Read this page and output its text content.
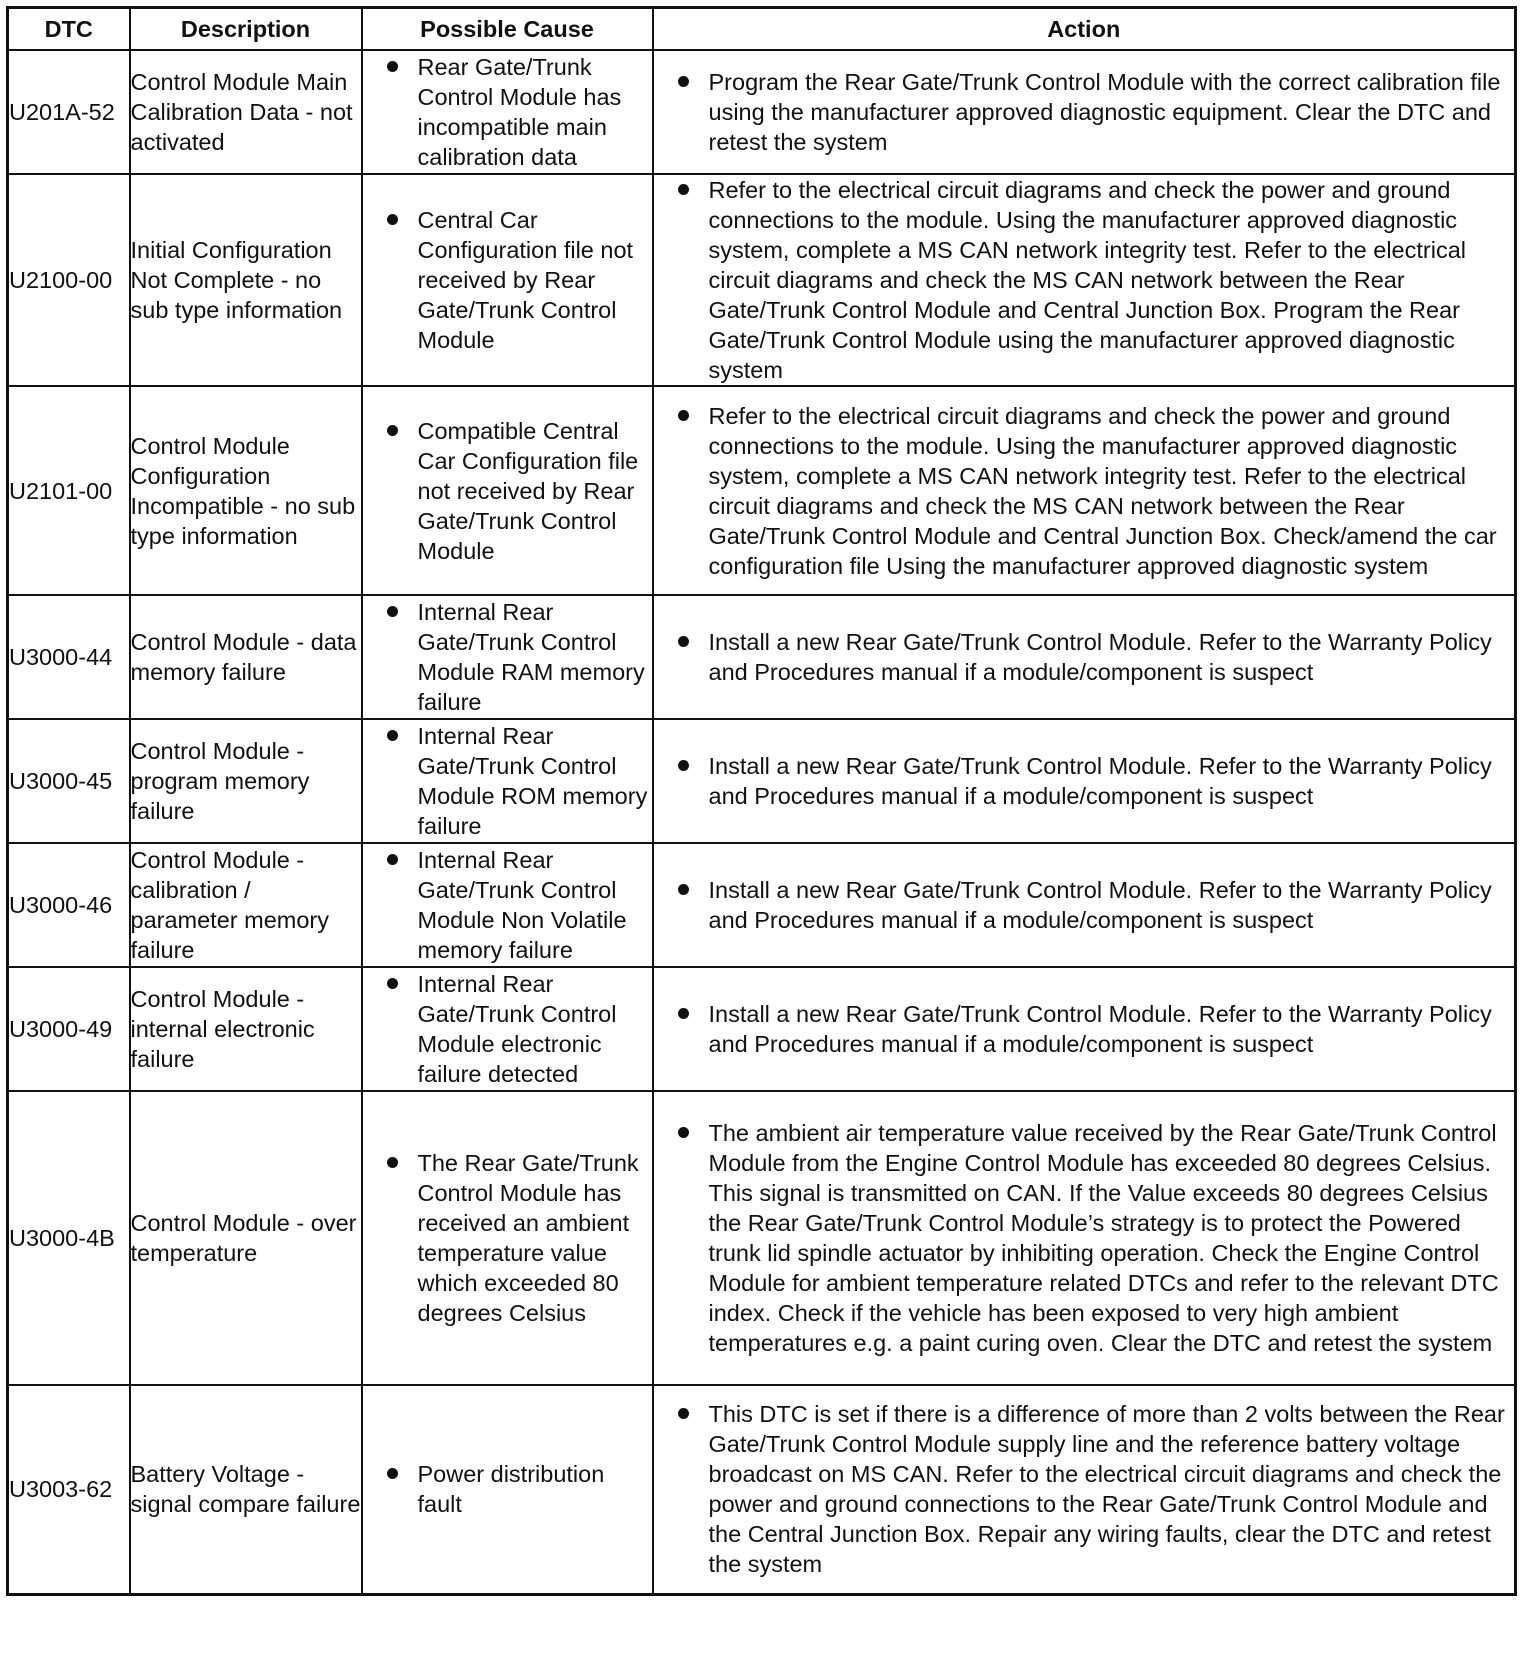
DTC	Description	Possible Cause	Action
U201A-52	Control Module Main Calibration Data - not activated	Rear Gate/Trunk Control Module has incompatible main calibration data	Program the Rear Gate/Trunk Control Module with the correct calibration file using the manufacturer approved diagnostic equipment. Clear the DTC and retest the system

U2100-00	Initial Configuration Not Complete - no sub type information	Central Car Configuration file not received by Rear Gate/Trunk Control Module	Refer to the electrical circuit diagrams and check the power and ground connections to the module. Using the manufacturer approved diagnostic system, complete a MS CAN network integrity test. Refer to the electrical circuit diagrams and check the MS CAN network between the Rear Gate/Trunk Control Module and Central Junction Box. Program the Rear Gate/Trunk Control Module using the manufacturer approved diagnostic system

U2101-00	Control Module Configuration Incompatible - no sub type information	Compatible Central Car Configuration file not received by Rear Gate/Trunk Control Module	Refer to the electrical circuit diagrams and check the power and ground connections to the module. Using the manufacturer approved diagnostic system, complete a MS CAN network integrity test. Refer to the electrical circuit diagrams and check the MS CAN network between the Rear Gate/Trunk Control Module and Central Junction Box. Check/amend the car configuration file Using the manufacturer approved diagnostic system

U3000-44	Control Module - data memory failure	Internal Rear Gate/Trunk Control Module RAM memory failure	Install a new Rear Gate/Trunk Control Module. Refer to the Warranty Policy and Procedures manual if a module/component is suspect

U3000-45	Control Module - program memory failure	Internal Rear Gate/Trunk Control Module ROM memory failure	Install a new Rear Gate/Trunk Control Module. Refer to the Warranty Policy and Procedures manual if a module/component is suspect

U3000-46	Control Module - calibration / parameter memory failure	Internal Rear Gate/Trunk Control Module Non Volatile memory failure	Install a new Rear Gate/Trunk Control Module. Refer to the Warranty Policy and Procedures manual if a module/component is suspect

U3000-49	Control Module - internal electronic failure	Internal Rear Gate/Trunk Control Module electronic failure detected	Install a new Rear Gate/Trunk Control Module. Refer to the Warranty Policy and Procedures manual if a module/component is suspect

U3000-4B	Control Module - over temperature	The Rear Gate/Trunk Control Module has received an ambient temperature value which exceeded 80 degrees Celsius	The ambient air temperature value received by the Rear Gate/Trunk Control Module from the Engine Control Module has exceeded 80 degrees Celsius. This signal is transmitted on CAN. If the Value exceeds 80 degrees Celsius the Rear Gate/Trunk Control Module’s strategy is to protect the Powered trunk lid spindle actuator by inhibiting operation. Check the Engine Control Module for ambient temperature related DTCs and refer to the relevant DTC index. Check if the vehicle has been exposed to very high ambient temperatures e.g. a paint curing oven. Clear the DTC and retest the system

U3003-62	Battery Voltage - signal compare failure	Power distribution fault	This DTC is set if there is a difference of more than 2 volts between the Rear Gate/Trunk Control Module supply line and the reference battery voltage broadcast on MS CAN. Refer to the electrical circuit diagrams and check the power and ground connections to the Rear Gate/Trunk Control Module and the Central Junction Box. Repair any wiring faults, clear the DTC and retest the system
